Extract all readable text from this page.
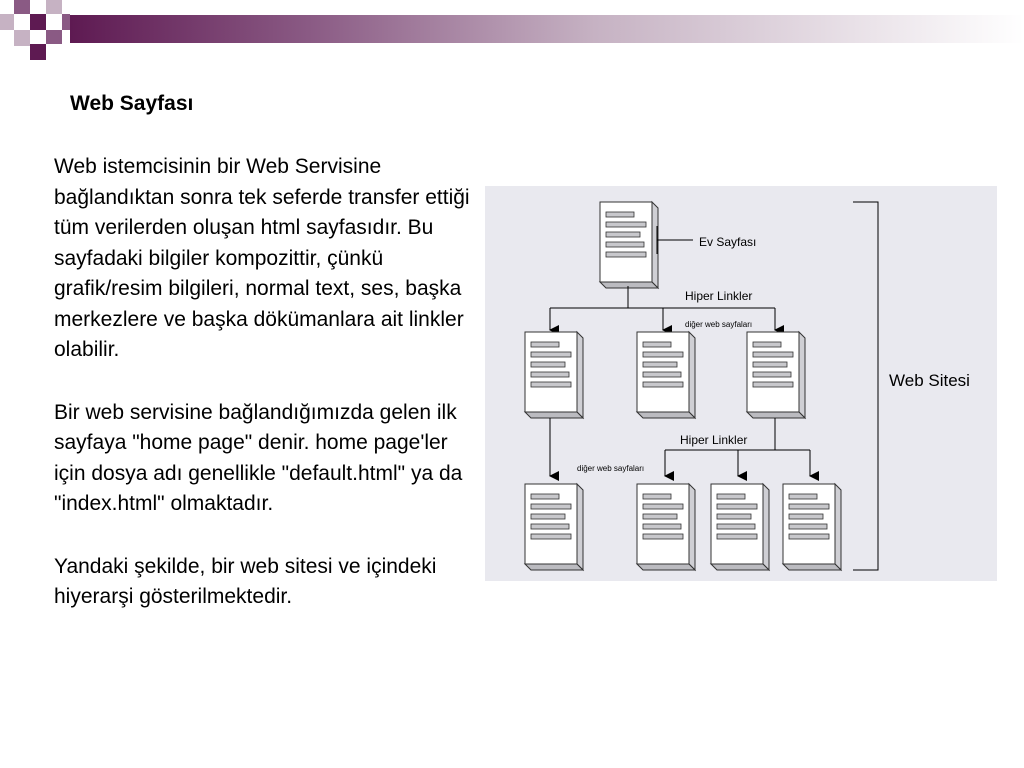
Web Sayfası

Web istemcisinin bir Web Servisine bağlandıktan sonra tek seferde transfer ettiği tüm verilerden oluşan html sayfasıdır. Bu sayfadaki bilgiler kompozittir, çünkü grafik/resim bilgileri, normal text, ses, başka merkezlere ve başka dökümanlara ait linkler olabilir.

Bir web servisine bağlandığımızda gelen ilk sayfaya "home page" denir. home page'ler için dosya adı genellikle "default.html" ya da "index.html" olmaktadır.

Yandaki şekilde, bir web sitesi ve içindeki hiyerarşi gösterilmektedir.

Ev Sayfası
Hiper Linkler
diğer web sayfaları
Hiper Linkler
diğer web sayfaları
Web Sitesi
